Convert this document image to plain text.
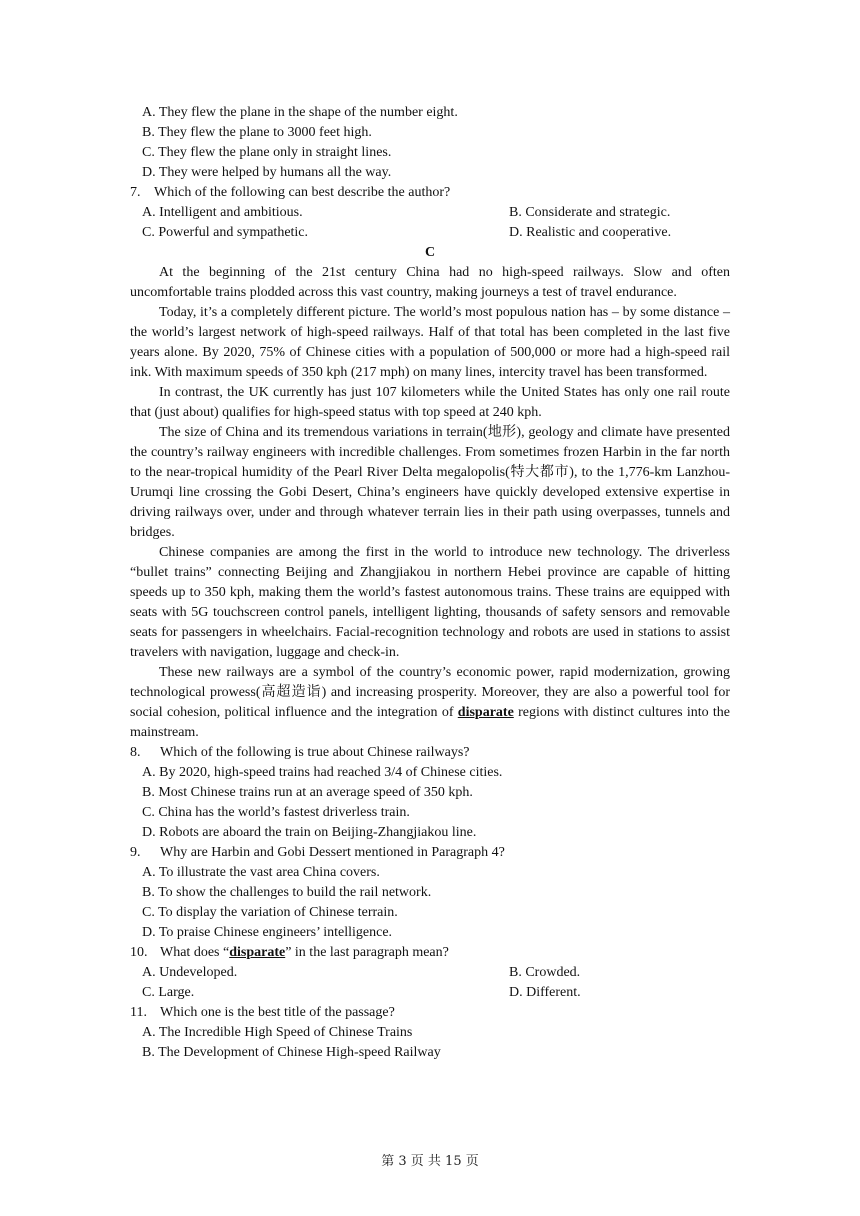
A. They flew the plane in the shape of the number eight.
B. They flew the plane to 3000 feet high.
C. They flew the plane only in straight lines.
D. They were helped by humans all the way.
7. Which of the following can best describe the author?
A. Intelligent and ambitious.	B. Considerate and strategic.
C. Powerful and sympathetic.	D. Realistic and cooperative.
C

At the beginning of the 21st century China had no high-speed railways. Slow and often uncomfortable trains plodded across this vast country, making journeys a test of travel endurance.

Today, it’s a completely different picture. The world’s most populous nation has – by some distance – the world’s largest network of high-speed railways. Half of that total has been completed in the last five years alone. By 2020, 75% of Chinese cities with a population of 500,000 or more had a high-speed rail ink. With maximum speeds of 350 kph (217 mph) on many lines, intercity travel has been transformed.

In contrast, the UK currently has just 107 kilometers while the United States has only one rail route that (just about) qualifies for high-speed status with top speed at 240 kph.

The size of China and its tremendous variations in terrain(地形), geology and climate have presented the country’s railway engineers with incredible challenges. From sometimes frozen Harbin in the far north to the near-tropical humidity of the Pearl River Delta megalopolis(特大都市), to the 1,776-km Lanzhou-Urumqi line crossing the Gobi Desert, China’s engineers have quickly developed extensive expertise in driving railways over, under and through whatever terrain lies in their path using overpasses, tunnels and bridges.

Chinese companies are among the first in the world to introduce new technology. The driverless “bullet trains” connecting Beijing and Zhangjiakou in northern Hebei province are capable of hitting speeds up to 350 kph, making them the world’s fastest autonomous trains. These trains are equipped with seats with 5G touchscreen control panels, intelligent lighting, thousands of safety sensors and removable seats for passengers in wheelchairs. Facial-recognition technology and robots are used in stations to assist travelers with navigation, luggage and check-in.

These new railways are a symbol of the country’s economic power, rapid modernization, growing technological prowess(高超造诣) and increasing prosperity. Moreover, they are also a powerful tool for social cohesion, political influence and the integration of disparate regions with distinct cultures into the mainstream.

8. Which of the following is true about Chinese railways?
A. By 2020, high-speed trains had reached 3/4 of Chinese cities.
B. Most Chinese trains run at an average speed of 350 kph.
C. China has the world’s fastest driverless train.
D. Robots are aboard the train on Beijing-Zhangjiakou line.
9. Why are Harbin and Gobi Dessert mentioned in Paragraph 4?
A. To illustrate the vast area China covers.
B. To show the challenges to build the rail network.
C. To display the variation of Chinese terrain.
D. To praise Chinese engineers’ intelligence.
10. What does “disparate” in the last paragraph mean?
A. Undeveloped.	B. Crowded.
C. Large.	D. Different.
11. Which one is the best title of the passage?
A. The Incredible High Speed of Chinese Trains
B. The Development of Chinese High-speed Railway
第 3 页 共 15 页
